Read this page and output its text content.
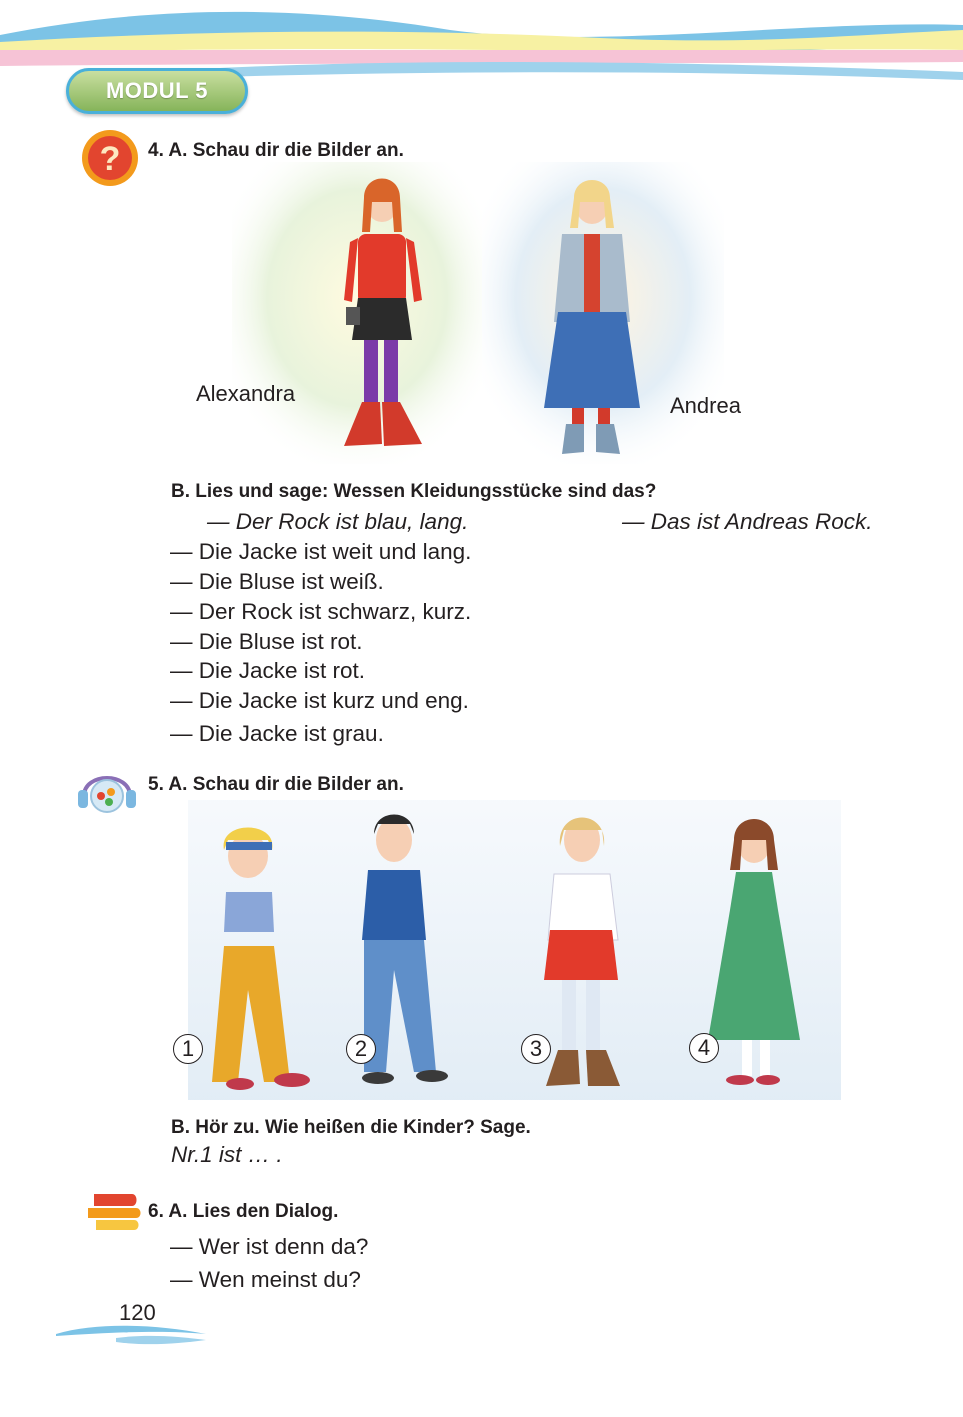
MODUL 5
? 4. A. Schau dir die Bilder an.
Alexandra	Andrea
B. Lies und sage: Wessen Kleidungsstücke sind das?
— Der Rock ist blau, lang.	— Das ist Andreas Rock.
— Die Jacke ist weit und lang.
— Die Bluse ist weiß.
— Der Rock ist schwarz, kurz.
— Die Bluse ist rot.
— Die Jacke ist rot.
— Die Jacke ist kurz und eng.
— Die Jacke ist grau.
5. A. Schau dir die Bilder an.
1	2	3	4
B. Hör zu. Wie heißen die Kinder? Sage.
Nr.1 ist … .
6. A. Lies den Dialog.
— Wer ist denn da?
— Wen meinst du?
120
